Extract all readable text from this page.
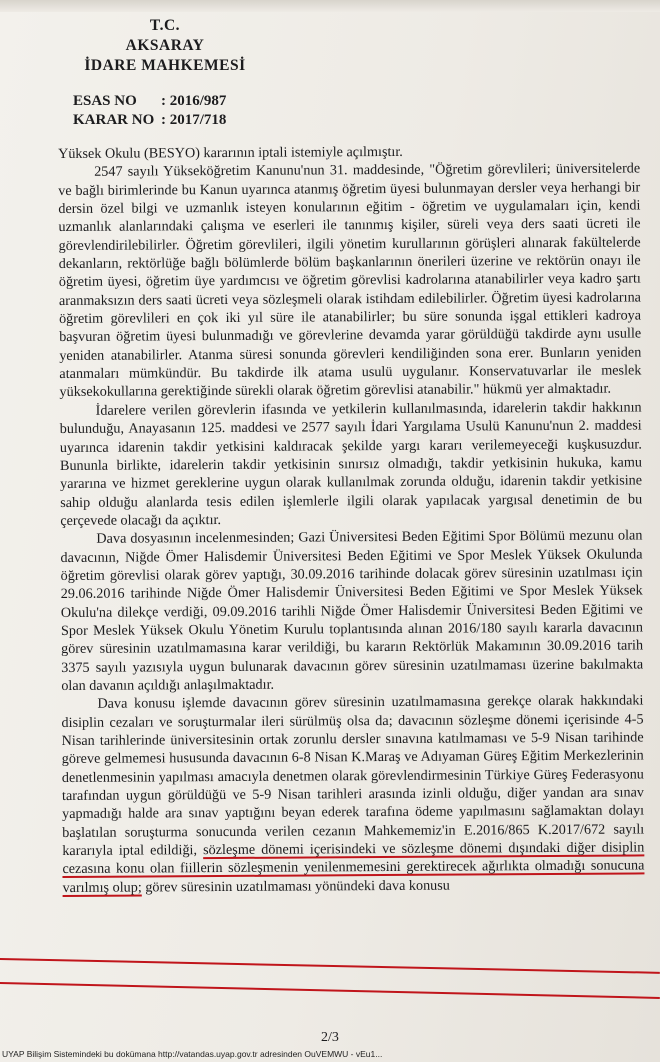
T.C.
AKSARAY
İDARE MAHKEMESİ
ESAS NO : 2016/987
KARAR NO : 2017/718

Yüksek Okulu (BESYO) kararının iptali istemiyle açılmıştır.

2547 sayılı Yükseköğretim Kanunu'nun 31. maddesinde, "Öğretim görevlileri; üniversitelerde ve bağlı birimlerinde bu Kanun uyarınca atanmış öğretim üyesi bulunmayan dersler veya herhangi bir dersin özel bilgi ve uzmanlık isteyen konularının eğitim - öğretim ve uygulamaları için, kendi uzmanlık alanlarındaki çalışma ve eserleri ile tanınmış kişiler, süreli veya ders saati ücreti ile görevlendirilebilirler. Öğretim görevlileri, ilgili yönetim kurullarının görüşleri alınarak fakültelerde dekanların, rektörlüğe bağlı bölümlerde bölüm başkanlarının önerileri üzerine ve rektörün onayı ile öğretim üyesi, öğretim üye yardımcısı ve öğretim görevlisi kadrolarına atanabilirler veya kadro şartı aranmaksızın ders saati ücreti veya sözleşmeli olarak istihdam edilebilirler. Öğretim üyesi kadrolarına öğretim görevlileri en çok iki yıl süre ile atanabilirler; bu süre sonunda işgal ettikleri kadroya başvuran öğretim üyesi bulunmadığı ve görevlerine devamda yarar görüldüğü takdirde aynı usulle yeniden atanabilirler. Atanma süresi sonunda görevleri kendiliğinden sona erer. Bunların yeniden atanmaları mümkündür. Bu takdirde ilk atama usulü uygulanır. Konservatuvarlar ile meslek yüksekokullarına gerektiğinde sürekli olarak öğretim görevlisi atanabilir." hükmü yer almaktadır.

İdarelere verilen görevlerin ifasında ve yetkilerin kullanılmasında, idarelerin takdir hakkının bulunduğu, Anayasanın 125. maddesi ve 2577 sayılı İdari Yargılama Usulü Kanunu'nun 2. maddesi uyarınca idarenin takdir yetkisini kaldıracak şekilde yargı kararı verilemeyeceği kuşkusuzdur. Bununla birlikte, idarelerin takdir yetkisinin sınırsız olmadığı, takdir yetkisinin hukuka, kamu yararına ve hizmet gereklerine uygun olarak kullanılmak zorunda olduğu, idarenin takdir yetkisine sahip olduğu alanlarda tesis edilen işlemlerle ilgili olarak yapılacak yargısal denetimin de bu çerçevede olacağı da açıktır.

Dava dosyasının incelenmesinden; Gazi Üniversitesi Beden Eğitimi Spor Bölümü mezunu olan davacının, Niğde Ömer Halisdemir Üniversitesi Beden Eğitimi ve Spor Meslek Yüksek Okulunda öğretim görevlisi olarak görev yaptığı, 30.09.2016 tarihinde dolacak görev süresinin uzatılması için 29.06.2016 tarihinde Niğde Ömer Halisdemir Üniversitesi Beden Eğitimi ve Spor Meslek Yüksek Okulu'na dilekçe verdiği, 09.09.2016 tarihli Niğde Ömer Halisdemir Üniversitesi Beden Eğitimi ve Spor Meslek Yüksek Okulu Yönetim Kurulu toplantısında alınan 2016/180 sayılı kararla davacının görev süresinin uzatılmamasına karar verildiği, bu kararın Rektörlük Makamının 30.09.2016 tarih 3375 sayılı yazısıyla uygun bulunarak davacının görev süresinin uzatılmaması üzerine bakılmakta olan davanın açıldığı anlaşılmaktadır.

Dava konusu işlemde davacının görev süresinin uzatılmamasına gerekçe olarak hakkındaki disiplin cezaları ve soruşturmalar ileri sürülmüş olsa da; davacının sözleşme dönemi içerisinde 4-5 Nisan tarihlerinde üniversitesinin ortak zorunlu dersler sınavına katılmaması ve 5-9 Nisan tarihinde göreve gelmemesi hususunda davacının 6-8 Nisan K.Maraş ve Adıyaman Güreş Eğitim Merkezlerinin denetlenmesinin yapılması amacıyla denetmen olarak görevlendirmesinin Türkiye Güreş Federasyonu tarafından uygun görüldüğü ve 5-9 Nisan tarihleri arasında izinli olduğu, diğer yandan ara sınav yapmadığı halde ara sınav yaptığını beyan ederek tarafına ödeme yapılmasını sağlamaktan dolayı başlatılan soruşturma sonucunda verilen cezanın Mahkememiz'in E.2016/865 K.2017/672 sayılı kararıyla iptal edildiği, sözleşme dönemi içerisindeki ve sözleşme dönemi dışındaki diğer disiplin cezasına konu olan fiillerin sözleşmenin yenilenmemesini gerektirecek ağırlıkta olmadığı sonucuna varılmış olup; görev süresinin uzatılmaması yönündeki dava konusu

2/3
UYAP Bilişim Sistemindeki bu dokümana http://vatandas.uyap.gov.tr adresinden OuVEMWU - vEu1...
